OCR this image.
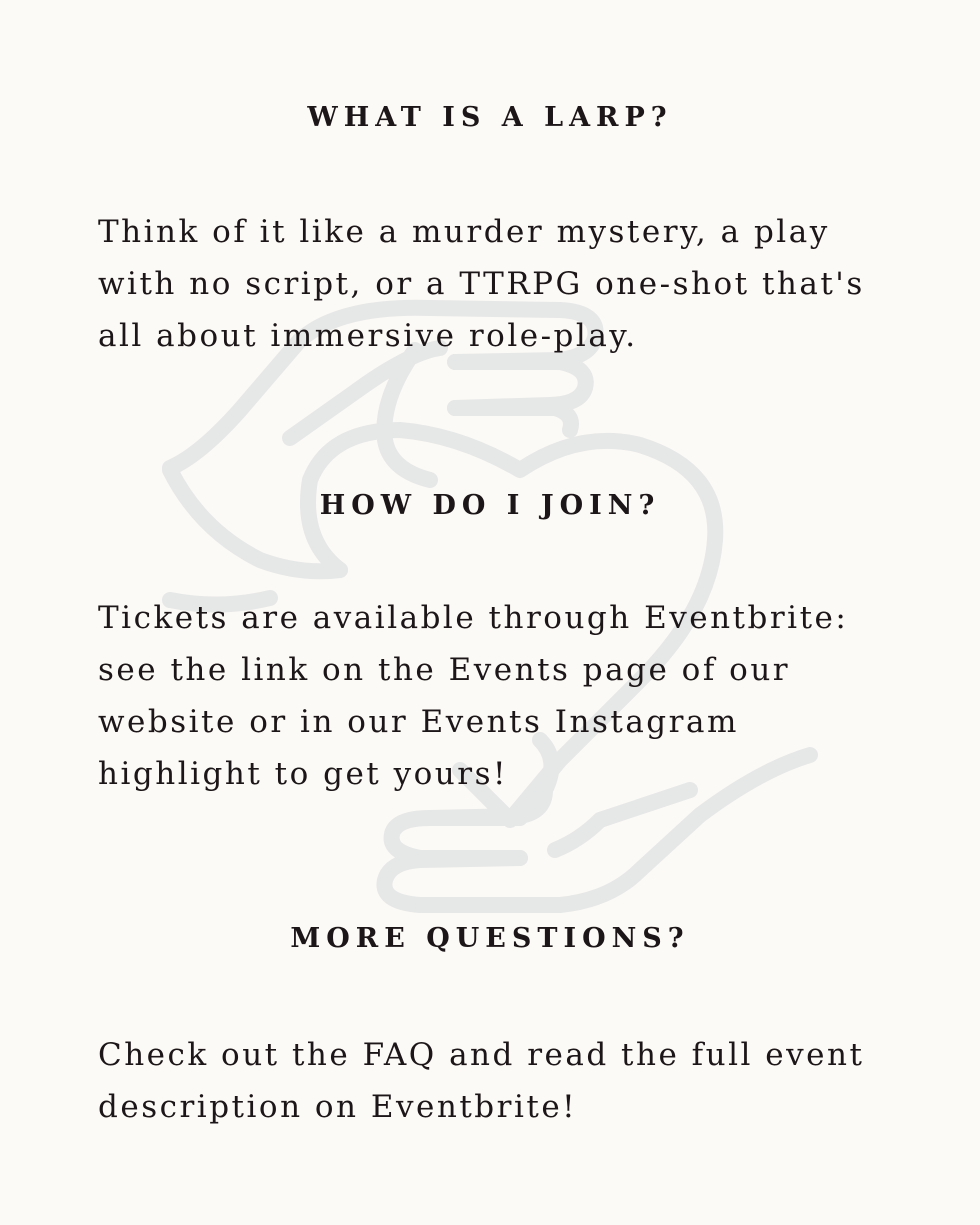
WHAT IS A LARP?

Think of it like a murder mystery, a play
with no script, or a TTRPG one-shot that's
all about immersive role-play.

HOW DO I JOIN?

Tickets are available through Eventbrite:
see the link on the Events page of our
website or in our Events Instagram
highlight to get yours!

MORE QUESTIONS?

Check out the FAQ and read the full event
description on Eventbrite!
